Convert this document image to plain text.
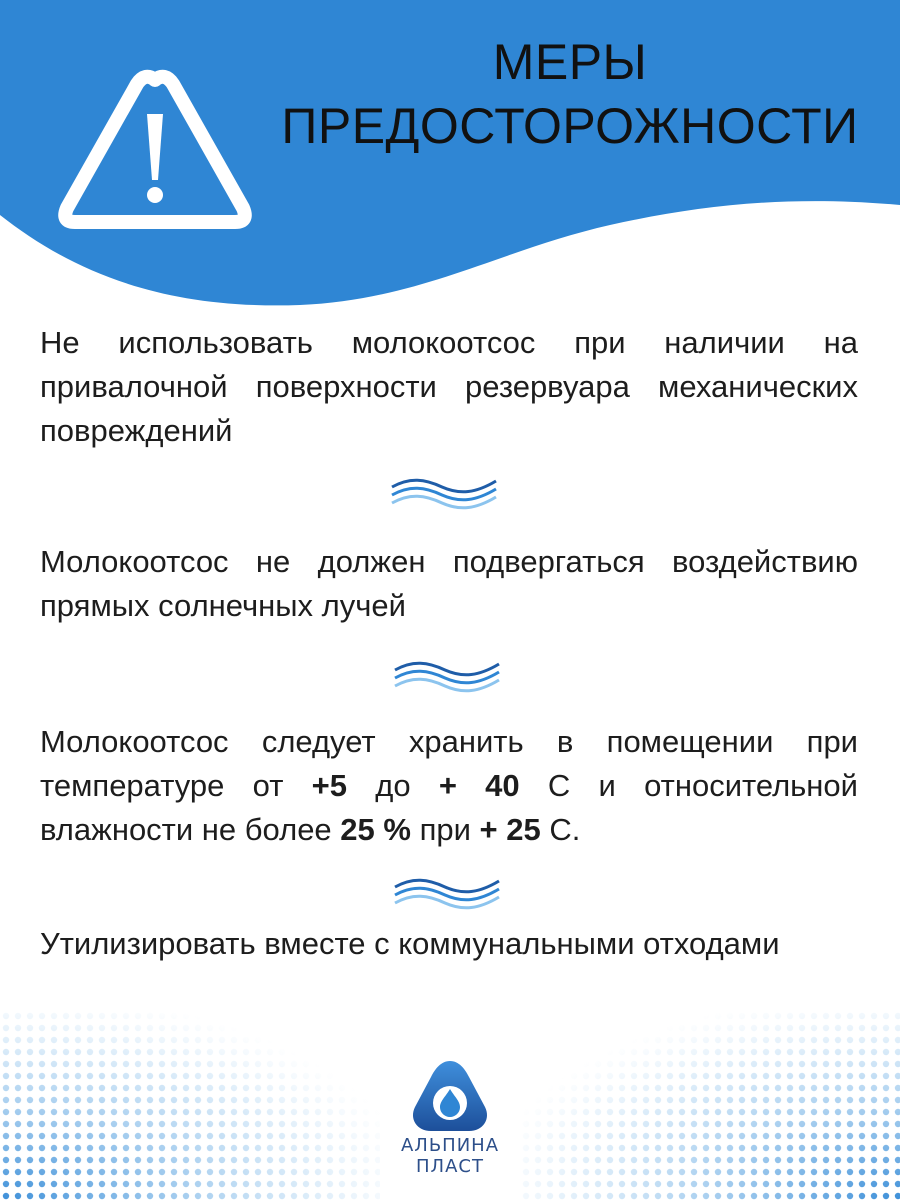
МЕРЫ
ПРЕДОСТОРОЖНОСТИ
Не использовать молокоотсос при наличии на привалочной поверхности резервуара механических повреждений
Молокоотсос не должен подвергаться воздействию прямых солнечных лучей
Молокоотсос следует хранить в помещении при температуре от +5 до + 40 С и относительной влажности не более 25 % при + 25 С.
Утилизировать вместе с коммунальными отходами
АЛЬПИНА
ПЛАСТ
